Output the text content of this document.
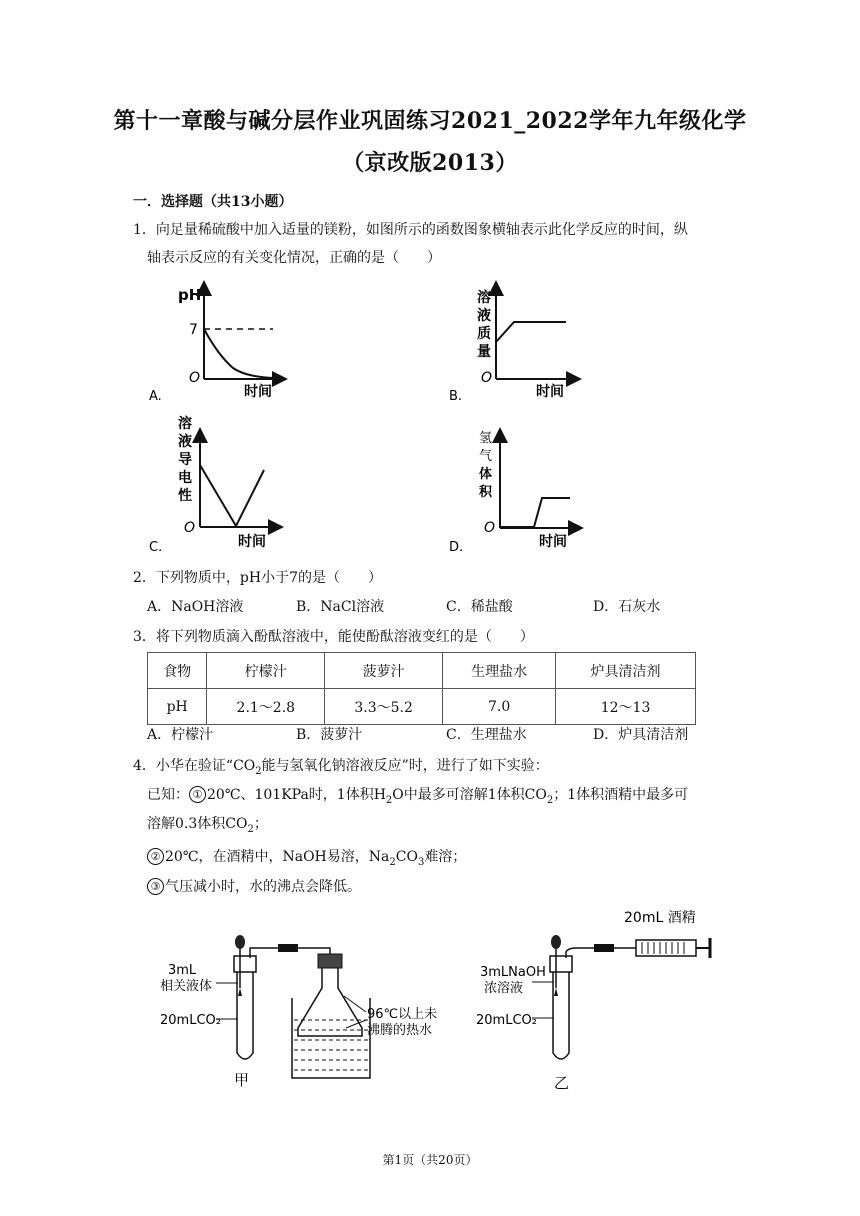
第十一章酸与碱分层作业巩固练习2021_2022学年九年级化学
（京改版2013）
一．选择题（共13小题）
1．向足量稀硫酸中加入适量的镁粉，如图所示的函数图象横轴表示此化学反应的时间，纵
轴表示反应的有关变化情况，正确的是（　　）
pH
7
O
时间
A.
溶
液
质
量
O
时间
B.
溶
液
导
电
性
O
时间
C.
氢
气
体
积
O
时间
D.
2．下列物质中，pH小于7的是（　　）
A．NaOH溶液	B．NaCl溶液	C．稀盐酸	D．石灰水
3．将下列物质滴入酚酞溶液中，能使酚酞溶液变红的是（　　）
食物	柠檬汁	菠萝汁	生理盐水	炉具清洁剂
pH	2.1～2.8	3.3～5.2	7.0	12～13
A．柠檬汁	B．菠萝汁	C．生理盐水	D．炉具清洁剂
4．小华在验证“$CO_2$能与氢氧化钠溶液反应”时，进行了如下实验：
已知： ① 20℃、101KPa时，1体积$H_2O$中最多可溶解1体积$CO_2$；1体积酒精中最多可
溶解0.3体积$CO_2$；
② 20℃，在酒精中，NaOH易溶，$Na_2CO_3$难溶；
③ 气压减小时，水的沸点会降低。
3mL
相关液体
20mLCO₂	96℃以上未
沸腾的热水
甲
20mL 酒精
3mLNaOH
浓溶液
20mLCO₂
乙
第1页（共20页）
